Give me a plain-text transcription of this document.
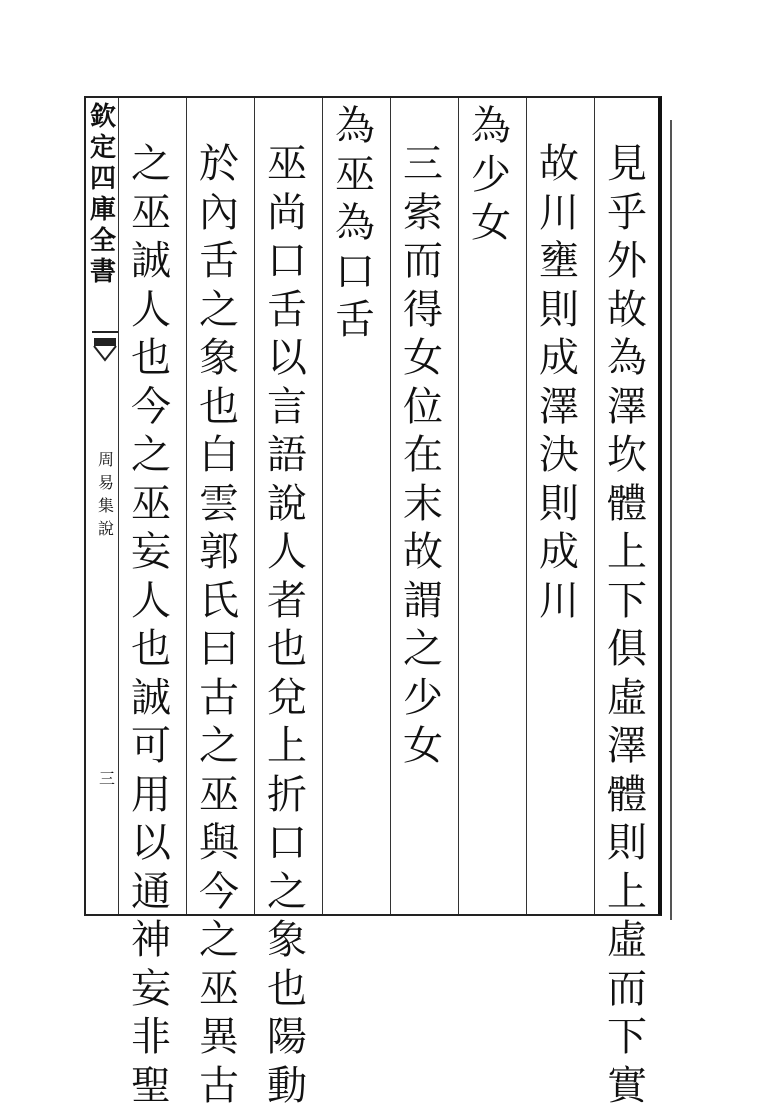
欽
定
四
庫
全
書
周
易
集
說
三
見
乎
外
故
為
澤
坎
體
上
下
俱
虛
澤
體
則
上
虛
而
下
實
故
川
壅
則
成
澤
決
則
成
川
為
少
女
三
索
而
得
女
位
在
末
故
謂
之
少
女
為
巫
為
口
舌
巫
尚
口
舌
以
言
語
說
人
者
也
兌
上
折
口
之
象
也
陽
動
於
內
舌
之
象
也
白
雲
郭
氏
曰
古
之
巫
與
今
之
巫
異
古
之
巫
誠
人
也
今
之
巫
妄
人
也
誠
可
用
以
通
神
妄
非
聖
